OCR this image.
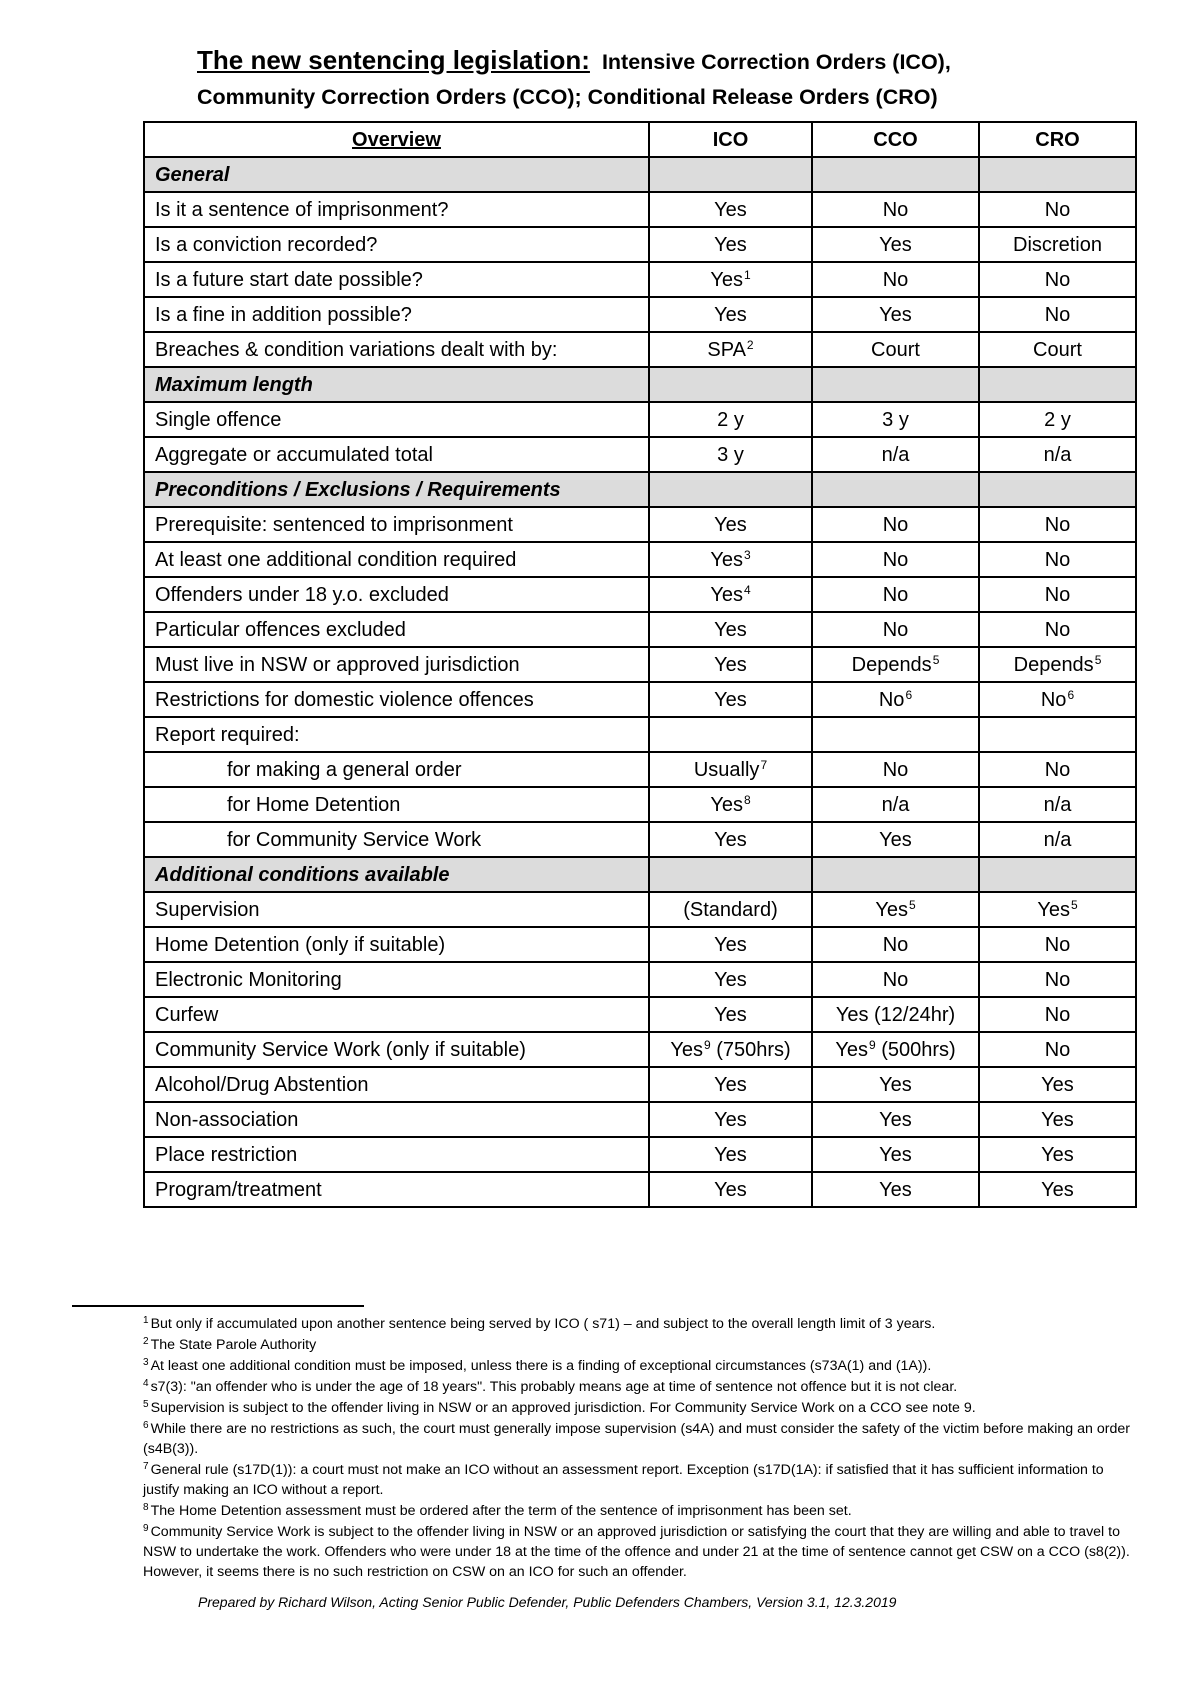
The new sentencing legislation: Intensive Correction Orders (ICO),
Community Correction Orders (CCO); Conditional Release Orders (CRO)
Overview	ICO	CCO	CRO
General			
Is it a sentence of imprisonment?	Yes	No	No
Is a conviction recorded?	Yes	Yes	Discretion
Is a future start date possible?	Yes$^1$	No	No
Is a fine in addition possible?	Yes	Yes	No
Breaches & condition variations dealt with by:	SPA$^2$	Court	Court
Maximum length			
Single offence	2 y	3 y	2 y
Aggregate or accumulated total	3 y	n/a	n/a
Preconditions / Exclusions / Requirements			
Prerequisite: sentenced to imprisonment	Yes	No	No
At least one additional condition required	Yes$^3$	No	No
Offenders under 18 y.o. excluded	Yes$^4$	No	No
Particular offences excluded	Yes	No	No
Must live in NSW or approved jurisdiction	Yes	Depends$^5$	Depends$^5$
Restrictions for domestic violence offences	Yes	No$^6$	No$^6$
Report required:			
for making a general order	Usually$^7$	No	No
for Home Detention	Yes$^8$	n/a	n/a
for Community Service Work	Yes	Yes	n/a
Additional conditions available			
Supervision	(Standard)	Yes$^5$	Yes$^5$
Home Detention (only if suitable)	Yes	No	No
Electronic Monitoring	Yes	No	No
Curfew	Yes	Yes (12/24hr)	No
Community Service Work (only if suitable)	Yes$^9$ (750hrs)	Yes$^9$ (500hrs)	No
Alcohol/Drug Abstention	Yes	Yes	Yes
Non-association	Yes	Yes	Yes
Place restriction	Yes	Yes	Yes
Program/treatment	Yes	Yes	Yes
$^1$ But only if accumulated upon another sentence being served by ICO ( s71) – and subject to the overall length limit of 3 years.
$^2$ The State Parole Authority
$^3$ At least one additional condition must be imposed, unless there is a finding of exceptional circumstances (s73A(1) and (1A)).
$^4$ s7(3): "an offender who is under the age of 18 years". This probably means age at time of sentence not offence but it is not clear.
$^5$ Supervision is subject to the offender living in NSW or an approved jurisdiction. For Community Service Work on a CCO see note 9.
$^6$ While there are no restrictions as such, the court must generally impose supervision (s4A) and must consider the safety of the victim before making an order (s4B(3)).
$^7$ General rule (s17D(1)): a court must not make an ICO without an assessment report. Exception (s17D(1A): if satisfied that it has sufficient information to justify making an ICO without a report.
$^8$ The Home Detention assessment must be ordered after the term of the sentence of imprisonment has been set.
$^9$ Community Service Work is subject to the offender living in NSW or an approved jurisdiction or satisfying the court that they are willing and able to travel to NSW to undertake the work. Offenders who were under 18 at the time of the offence and under 21 at the time of sentence cannot get CSW on a CCO (s8(2)). However, it seems there is no such restriction on CSW on an ICO for such an offender.
Prepared by Richard Wilson, Acting Senior Public Defender, Public Defenders Chambers, Version 3.1, 12.3.2019
